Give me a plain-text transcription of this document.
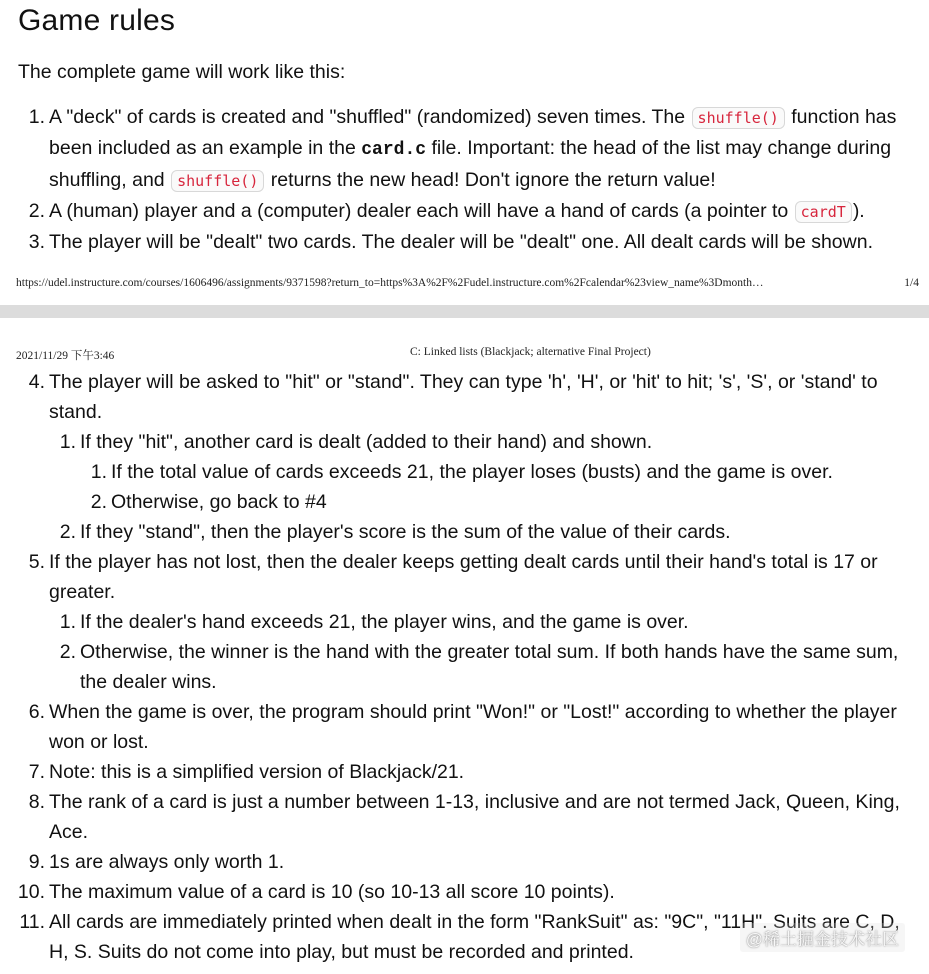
Game rules

The complete game will work like this:

1. A "deck" of cards is created and "shuffled" (randomized) seven times. The shuffle() function has been included as an example in the card.c file. Important: the head of the list may change during shuffling, and shuffle() returns the new head! Don't ignore the return value!
2. A (human) player and a (computer) dealer each will have a hand of cards (a pointer to cardT ).
3. The player will be "dealt" two cards. The dealer will be "dealt" one. All dealt cards will be shown.
https://udel.instructure.com/courses/1606496/assignments/9371598?return_to=https%3A%2F%2Fudel.instructure.com%2Fcalendar%23view_name%3Dmonth…	1/4
2021/11/29 下午3:46	C: Linked lists (Blackjack; alternative Final Project)
4. The player will be asked to "hit" or "stand". They can type 'h', 'H', or 'hit' to hit; 's', 'S', or 'stand' to stand.
1. If they "hit", another card is dealt (added to their hand) and shown.
1. If the total value of cards exceeds 21, the player loses (busts) and the game is over.
2. Otherwise, go back to #4
2. If they "stand", then the player's score is the sum of the value of their cards.
5. If the player has not lost, then the dealer keeps getting dealt cards until their hand's total is 17 or greater.
1. If the dealer's hand exceeds 21, the player wins, and the game is over.
2. Otherwise, the winner is the hand with the greater total sum. If both hands have the same sum, the dealer wins.
6. When the game is over, the program should print "Won!" or "Lost!" according to whether the player won or lost.
7. Note: this is a simplified version of Blackjack/21.
8. The rank of a card is just a number between 1-13, inclusive and are not termed Jack, Queen, King, Ace.
9. 1s are always only worth 1.
10. The maximum value of a card is 10 (so 10-13 all score 10 points).
11. All cards are immediately printed when dealt in the form "RankSuit" as: "9C", "11H". Suits are C, D, H, S. Suits do not come into play, but must be recorded and printed.
@稀土掘金技术社区
